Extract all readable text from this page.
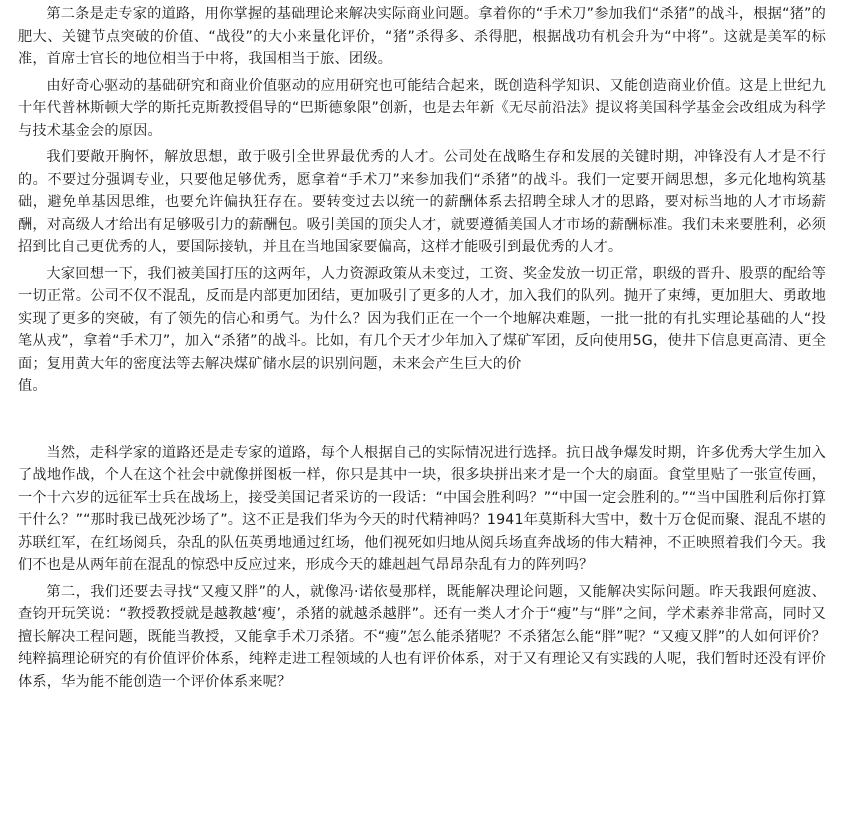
第二条是走专家的道路，用你掌握的基础理论来解决实际商业问题。拿着你的“手术刀”参加我们“杀猪”的战斗，根据“猪”的肥大、关键节点突破的价值、“战役”的大小来量化评价，“猪”杀得多、杀得肥，根据战功有机会升为“中将”。这就是美军的标准，首席士官长的地位相当于中将，我国相当于旅、团级。

由好奇心驱动的基础研究和商业价值驱动的应用研究也可能结合起来，既创造科学知识、又能创造商业价值。这是上世纪九十年代普林斯顿大学的斯托克斯教授倡导的“巴斯德象限”创新，也是去年新《无尽前沿法》提议将美国科学基金会改组成为科学与技术基金会的原因。

我们要敞开胸怀，解放思想，敢于吸引全世界最优秀的人才。公司处在战略生存和发展的关键时期，冲锋没有人才是不行的。不要过分强调专业，只要他足够优秀，愿拿着“手术刀”来参加我们“杀猪”的战斗。我们一定要开阔思想，多元化地构筑基础，避免单基因思维，也要允许偏执狂存在。要转变过去以统一的薪酬体系去招聘全球人才的思路，要对标当地的人才市场薪酬，对高级人才给出有足够吸引力的薪酬包。吸引美国的顶尖人才，就要遵循美国人才市场的薪酬标准。我们未来要胜利，必须招到比自己更优秀的人，要国际接轨，并且在当地国家要偏高，这样才能吸引到最优秀的人才。

大家回想一下，我们被美国打压的这两年，人力资源政策从未变过，工资、奖金发放一切正常，职级的晋升、股票的配给等一切正常。公司不仅不混乱，反而是内部更加团结，更加吸引了更多的人才，加入我们的队列。抛开了束缚，更加胆大、勇敢地实现了更多的突破，有了领先的信心和勇气。为什么？因为我们正在一个一个地解决难题，一批一批的有扎实理论基础的人“投笔从戎”，拿着“手术刀”，加入“杀猪”的战斗。比如，有几个天才少年加入了煤矿军团，反向使用5G，使井下信息更高清、更全面；复用黄大年的密度法等去解决煤矿储水层的识别问题，未来会产生巨大的价

值。

当然，走科学家的道路还是走专家的道路，每个人根据自己的实际情况进行选择。抗日战争爆发时期，许多优秀大学生加入了战地作战，个人在这个社会中就像拼图板一样，你只是其中一块，很多块拼出来才是一个大的扇面。食堂里贴了一张宣传画，一个十六岁的远征军士兵在战场上，接受美国记者采访的一段话：“中国会胜利吗？”“中国一定会胜利的。”“当中国胜利后你打算干什么？”“那时我已战死沙场了”。这不正是我们华为今天的时代精神吗？1941年莫斯科大雪中，数十万仓促而聚、混乱不堪的苏联红军，在红场阅兵，杂乱的队伍英勇地通过红场，他们视死如归地从阅兵场直奔战场的伟大精神，不正映照着我们今天。我们不也是从两年前在混乱的惊恐中反应过来，形成今天的雄赳赳气昂昂杂乱有力的阵列吗？

第二，我们还要去寻找“又瘦又胖”的人，就像冯·诺依曼那样，既能解决理论问题，又能解决实际问题。昨天我跟何庭波、查钧开玩笑说：“教授教授就是越教越‘瘦’，杀猪的就越杀越胖”。还有一类人才介于“瘦”与“胖”之间，学术素养非常高，同时又擅长解决工程问题，既能当教授，又能拿手术刀杀猪。不“瘦”怎么能杀猪呢？不杀猪怎么能“胖”呢？“又瘦又胖”的人如何评价？纯粹搞理论研究的有价值评价体系，纯粹走进工程领域的人也有评价体系，对于又有理论又有实践的人呢，我们暂时还没有评价体系，华为能不能创造一个评价体系来呢？
